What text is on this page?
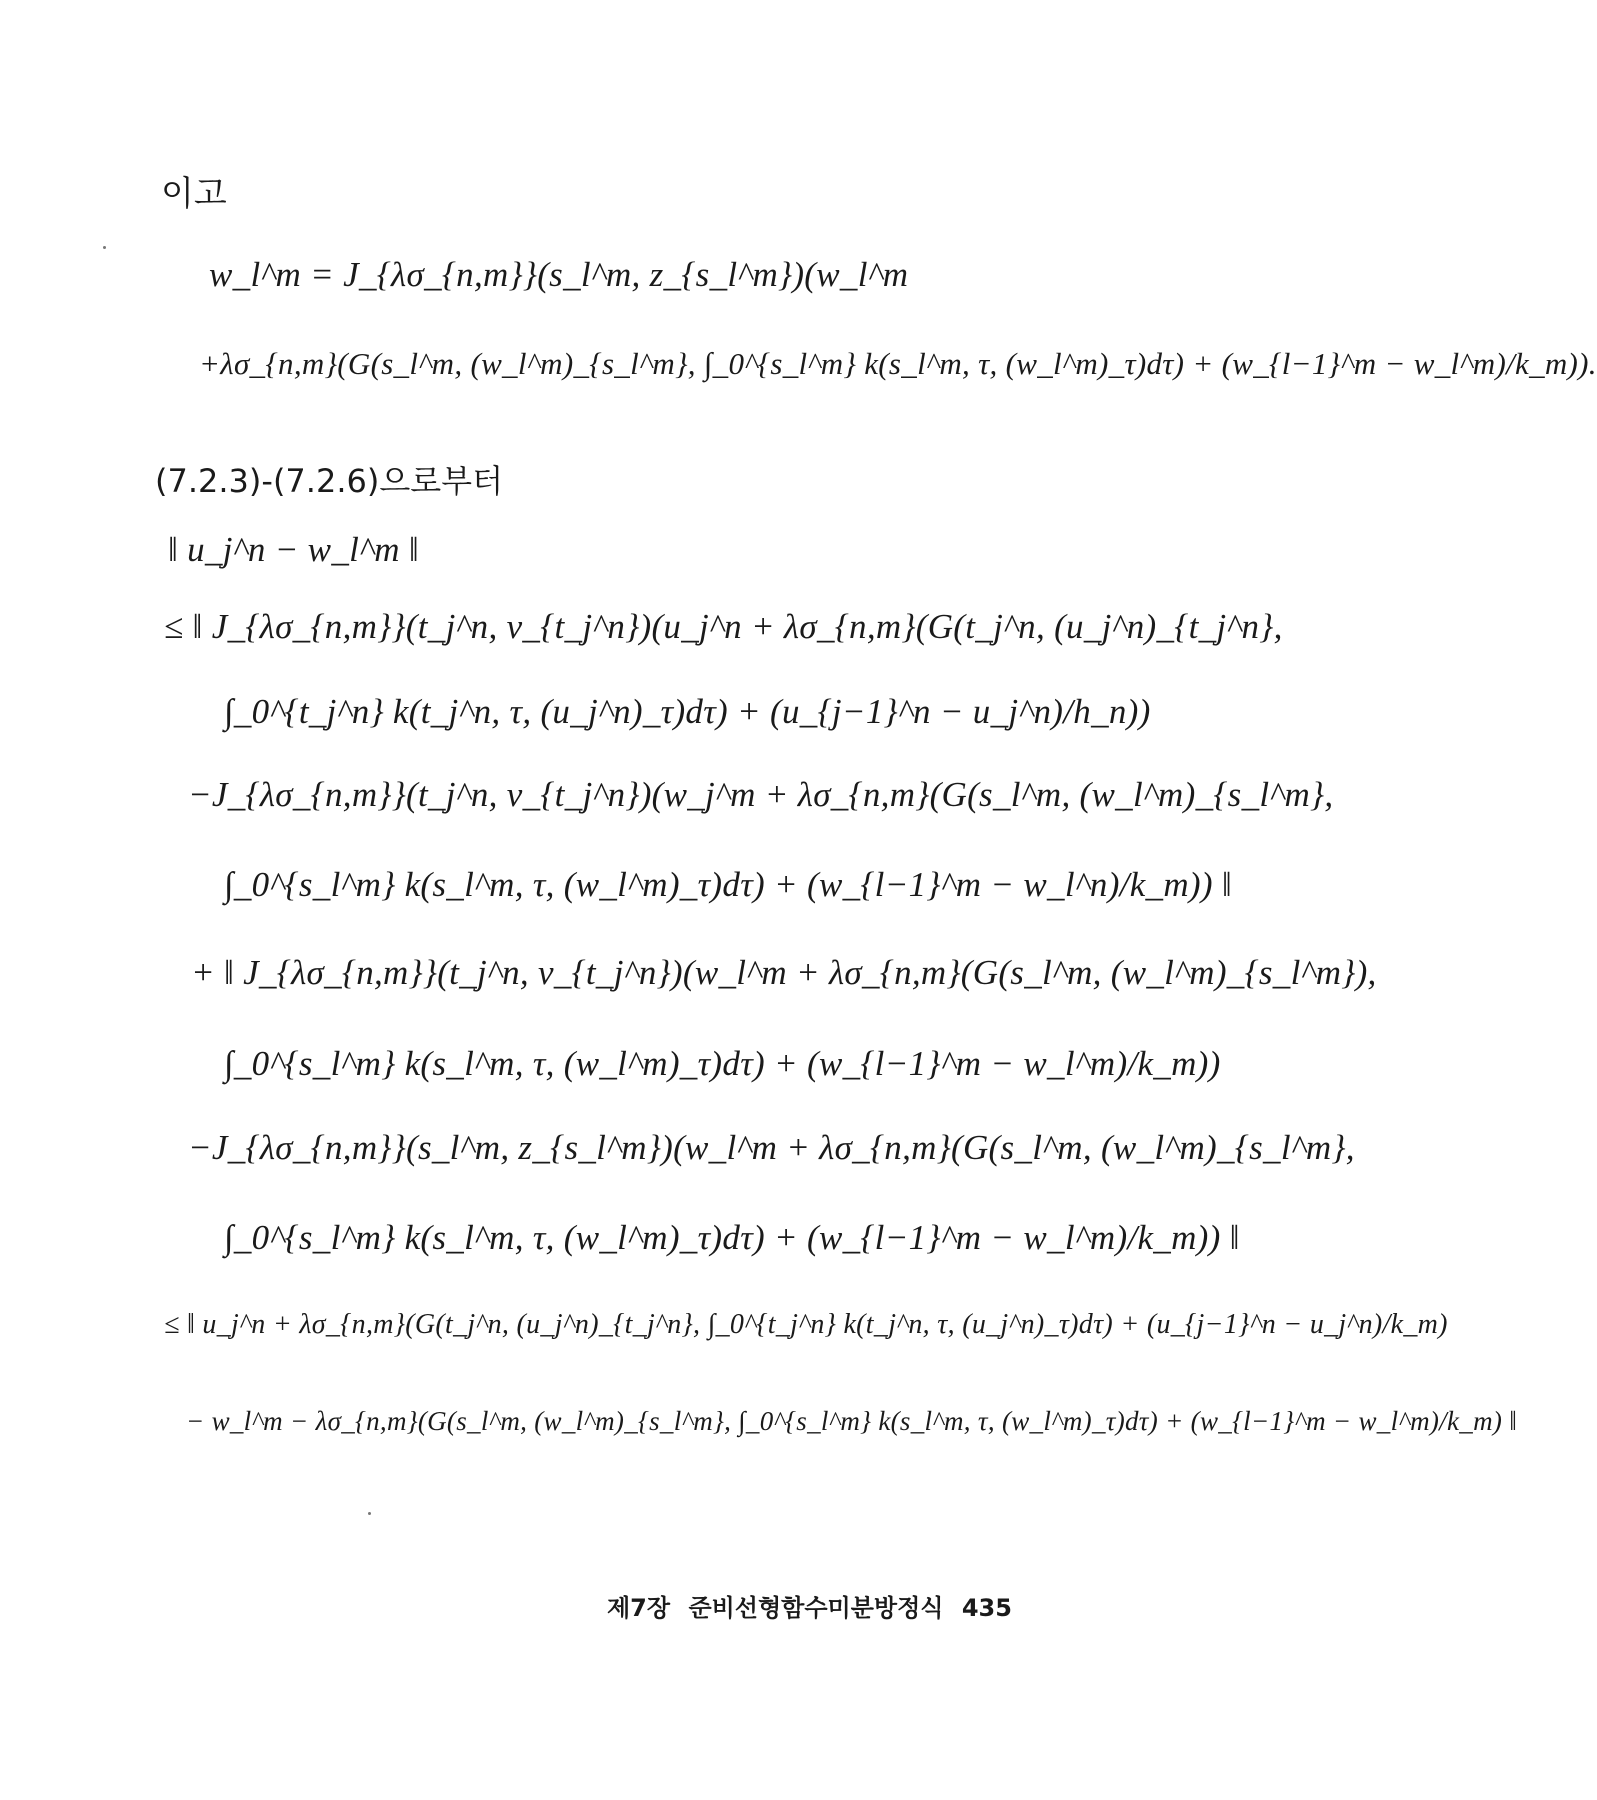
이고
w_l^m = J_{λσ_{n,m}}(s_l^m, z_{s_l^m})(w_l^m
+λσ_{n,m}(G(s_l^m, (w_l^m)_{s_l^m}, ∫_0^{s_l^m} k(s_l^m, τ, (w_l^m)_τ)dτ) + (w_{l−1}^m − w_l^m)/k_m)).
(7.2.3)-(7.2.6)으로부터
‖ u_j^n − w_l^m ‖
≤ ‖ J_{λσ_{n,m}}(t_j^n, v_{t_j^n})(u_j^n + λσ_{n,m}(G(t_j^n, (u_j^n)_{t_j^n},
∫_0^{t_j^n} k(t_j^n, τ, (u_j^n)_τ)dτ) + (u_{j−1}^n − u_j^n)/h_n))
−J_{λσ_{n,m}}(t_j^n, v_{t_j^n})(w_j^m + λσ_{n,m}(G(s_l^m, (w_l^m)_{s_l^m},
∫_0^{s_l^m} k(s_l^m, τ, (w_l^m)_τ)dτ) + (w_{l−1}^m − w_l^n)/k_m)) ‖
+ ‖ J_{λσ_{n,m}}(t_j^n, v_{t_j^n})(w_l^m + λσ_{n,m}(G(s_l^m, (w_l^m)_{s_l^m}),
∫_0^{s_l^m} k(s_l^m, τ, (w_l^m)_τ)dτ) + (w_{l−1}^m − w_l^m)/k_m))
−J_{λσ_{n,m}}(s_l^m, z_{s_l^m})(w_l^m + λσ_{n,m}(G(s_l^m, (w_l^m)_{s_l^m},
∫_0^{s_l^m} k(s_l^m, τ, (w_l^m)_τ)dτ) + (w_{l−1}^m − w_l^m)/k_m)) ‖
≤ ‖ u_j^n + λσ_{n,m}(G(t_j^n, (u_j^n)_{t_j^n}, ∫_0^{t_j^n} k(t_j^n, τ, (u_j^n)_τ)dτ) + (u_{j−1}^n − u_j^n)/k_m)
− w_l^m − λσ_{n,m}(G(s_l^m, (w_l^m)_{s_l^m}, ∫_0^{s_l^m} k(s_l^m, τ, (w_l^m)_τ)dτ) + (w_{l−1}^m − w_l^m)/k_m) ‖
제7장 준비선형함수미분방정식 435
